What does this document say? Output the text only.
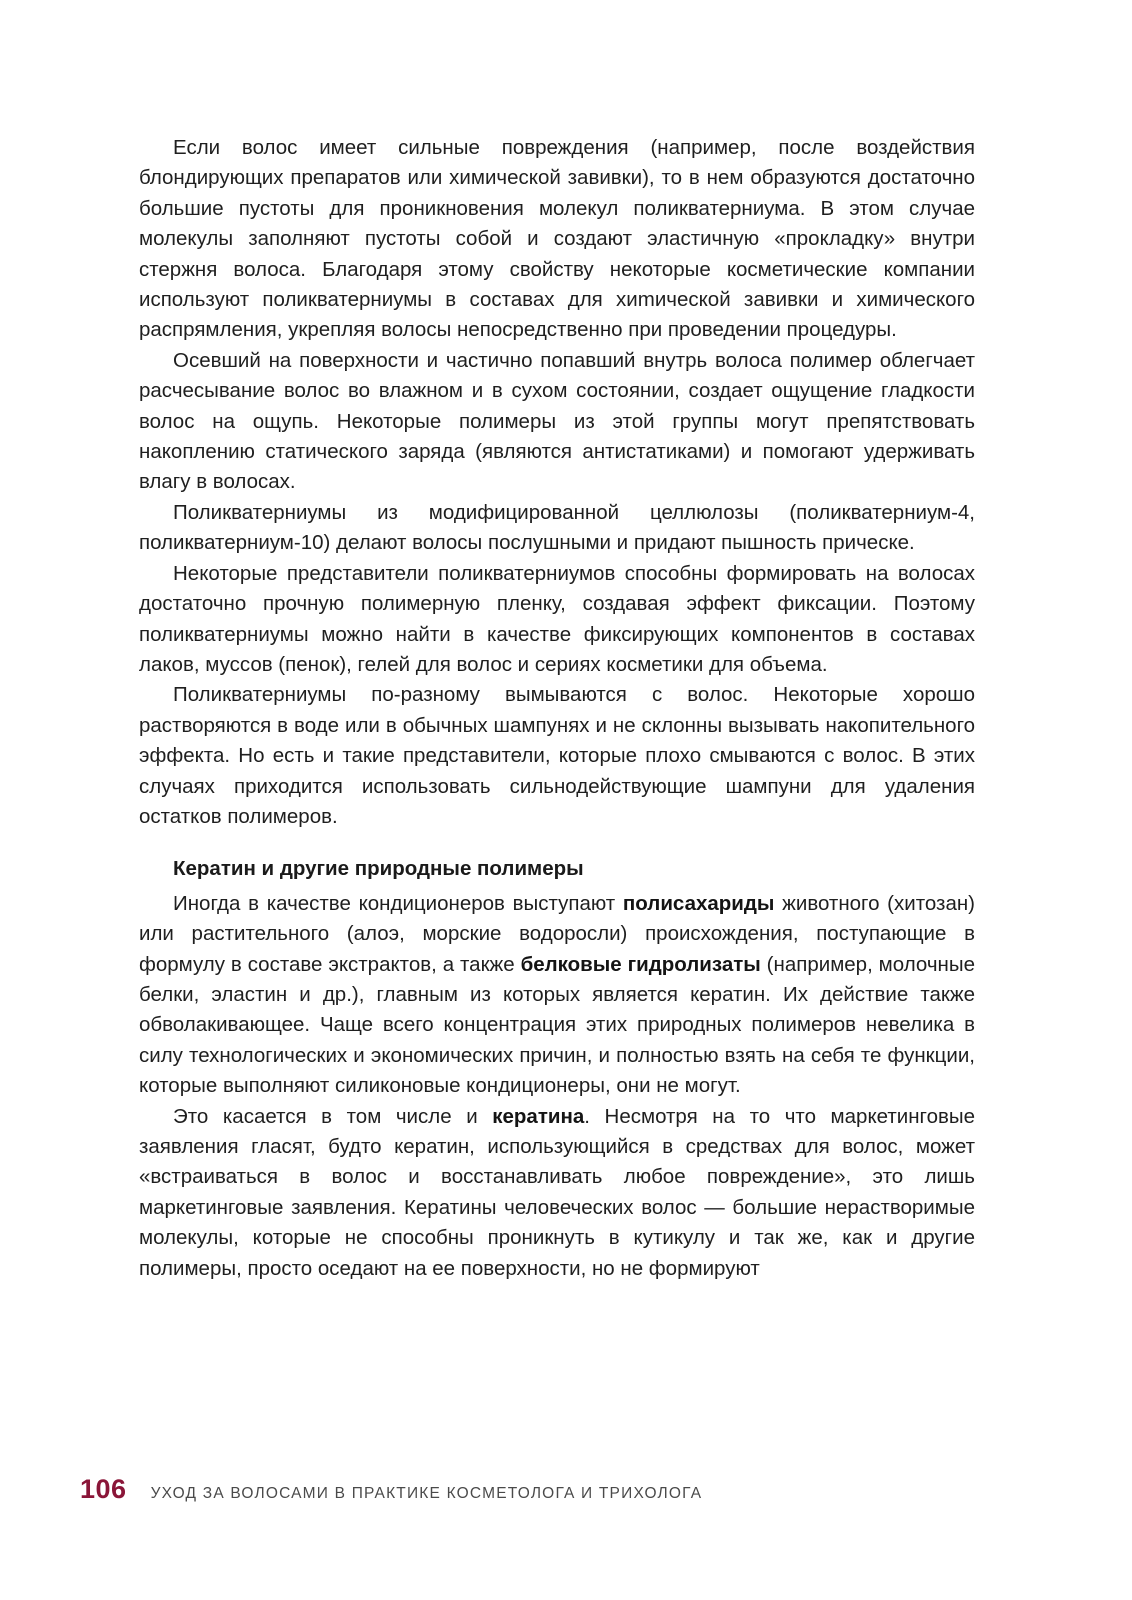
Если волос имеет сильные повреждения (например, после воздействия блондирующих препаратов или химической завивки), то в нем образуются достаточно большие пустоты для проникновения молекул поликватерниума. В этом случае молекулы заполняют пустоты собой и создают эластичную «прокладку» внутри стержня волоса. Благодаря этому свойству некоторые косметические компании используют поликватерниумы в составах для хиmической завивки и химического распрямления, укрепляя волосы непосредственно при проведении процедуры.

Осевший на поверхности и частично попавший внутрь волоса полимер облегчает расчесывание волос во влажном и в сухом состоянии, создает ощущение гладкости волос на ощупь. Некоторые полимеры из этой группы могут препятствовать накоплению статического заряда (являются антистатиками) и помогают удерживать влагу в волосах.

Поликватерниумы из модифицированной целлюлозы (поликватерниум-4, поликватерниум-10) делают волосы послушными и придают пышность прическе.

Некоторые представители поликватерниумов способны формировать на волосах достаточно прочную полимерную пленку, создавая эффект фиксации. Поэтому поликватерниумы можно найти в качестве фиксирующих компонентов в составах лаков, муссов (пенок), гелей для волос и сериях косметики для объема.

Поликватерниумы по-разному вымываются с волос. Некоторые хорошо растворяются в воде или в обычных шампунях и не склонны вызывать накопительного эффекта. Но есть и такие представители, которые плохо смываются с волос. В этих случаях приходится использовать сильнодействующие шампуни для удаления остатков полимеров.

Кератин и другие природные полимеры

Иногда в качестве кондиционеров выступают полисахариды животного (хитозан) или растительного (алоэ, морские водоросли) происхождения, поступающие в формулу в составе экстрактов, а также белковые гидролизаты (например, молочные белки, эластин и др.), главным из которых является кератин. Их действие также обволакивающее. Чаще всего концентрация этих природных полимеров невелика в силу технологических и экономических причин, и полностью взять на себя те функции, которые выполняют силиконовые кондиционеры, они не могут.

Это касается в том числе и кератина. Несмотря на то что маркетинговые заявления гласят, будто кератин, использующийся в средствах для волос, может «встраиваться в волос и восстанавливать любое повреждение», это лишь маркетинговые заявления. Кератины человеческих волос — большие нерастворимые молекулы, которые не способны проникнуть в кутикулу и так же, как и другие полимеры, просто оседают на ее поверхности, но не формируют

106 УХОД ЗА ВОЛОСАМИ В ПРАКТИКЕ КОСМЕТОЛОГА И ТРИХОЛОГА
